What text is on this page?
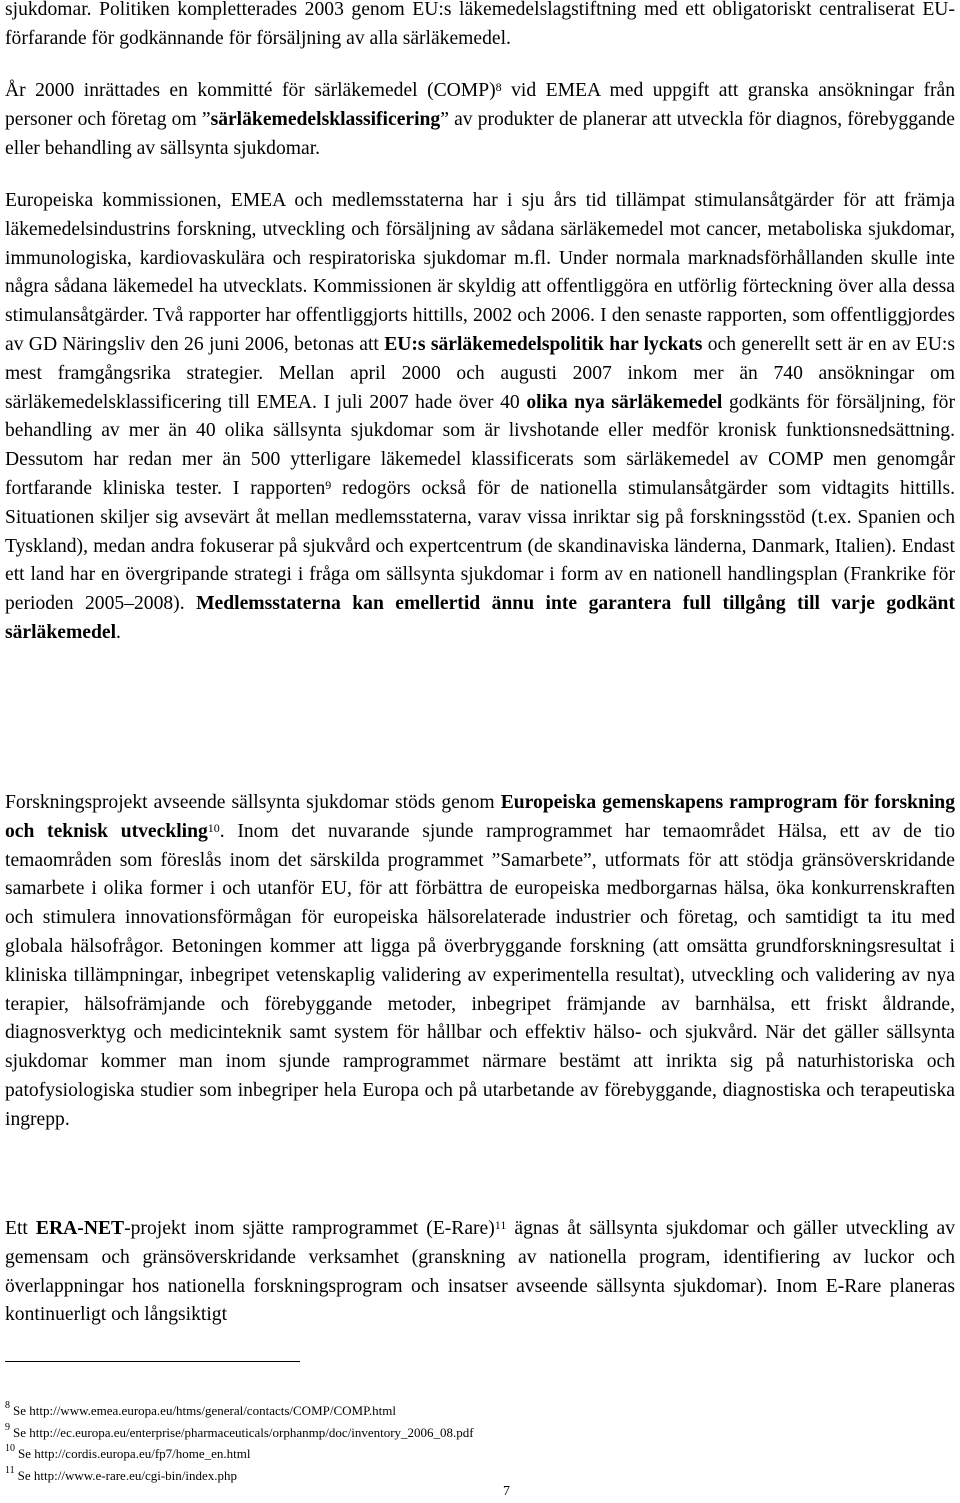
sjukdomar. Politiken kompletterades 2003 genom EU:s läkemedelslagstiftning med ett obligatoriskt centraliserat EU-förfarande för godkännande för försäljning av alla särläkemedel.

År 2000 inrättades en kommitté för särläkemedel (COMP)$^8$ vid EMEA med uppgift att granska ansökningar från personer och företag om ”särläkemedelsklassificering” av produkter de planerar att utveckla för diagnos, förebyggande eller behandling av sällsynta sjukdomar.

Europeiska kommissionen, EMEA och medlemsstaterna har i sju års tid tillämpat stimulansåtgärder för att främja läkemedelsindustrins forskning, utveckling och försäljning av sådana särläkemedel mot cancer, metaboliska sjukdomar, immunologiska, kardiovaskulära och respiratoriska sjukdomar m.fl. Under normala marknadsförhållanden skulle inte några sådana läkemedel ha utvecklats. Kommissionen är skyldig att offentliggöra en utförlig förteckning över alla dessa stimulansåtgärder. Två rapporter har offentliggjorts hittills, 2002 och 2006. I den senaste rapporten, som offentliggjordes av GD Näringsliv den 26 juni 2006, betonas att EU:s särläkemedelspolitik har lyckats och generellt sett är en av EU:s mest framgångsrika strategier. Mellan april 2000 och augusti 2007 inkom mer än 740 ansökningar om särläkemedelsklassificering till EMEA. I juli 2007 hade över 40 olika nya särläkemedel godkänts för försäljning, för behandling av mer än 40 olika sällsynta sjukdomar som är livshotande eller medför kronisk funktionsnedsättning. Dessutom har redan mer än 500 ytterligare läkemedel klassificerats som särläkemedel av COMP men genomgår fortfarande kliniska tester. I rapporten$^9$ redogörs också för de nationella stimulansåtgärder som vidtagits hittills. Situationen skiljer sig avsevärt åt mellan medlemsstaterna, varav vissa inriktar sig på forskningsstöd (t.ex. Spanien och Tyskland), medan andra fokuserar på sjukvård och expertcentrum (de skandinaviska länderna, Danmark, Italien). Endast ett land har en övergripande strategi i fråga om sällsynta sjukdomar i form av en nationell handlingsplan (Frankrike för perioden 2005–2008). Medlemsstaterna kan emellertid ännu inte garantera full tillgång till varje godkänt särläkemedel.

Forskningsprojekt avseende sällsynta sjukdomar stöds genom Europeiska gemenskapens ramprogram för forskning och teknisk utveckling$^{10}$. Inom det nuvarande sjunde ramprogrammet har temaområdet Hälsa, ett av de tio temaområden som föreslås inom det särskilda programmet ”Samarbete”, utformats för att stödja gränsöverskridande samarbete i olika former i och utanför EU, för att förbättra de europeiska medborgarnas hälsa, öka konkurrenskraften och stimulera innovationsförmågan för europeiska hälsorelaterade industrier och företag, och samtidigt ta itu med globala hälsofrågor. Betoningen kommer att ligga på överbryggande forskning (att omsätta grundforskningsresultat i kliniska tillämpningar, inbegripet vetenskaplig validering av experimentella resultat), utveckling och validering av nya terapier, hälsofrämjande och förebyggande metoder, inbegripet främjande av barnhälsa, ett friskt åldrande, diagnosverktyg och medicinteknik samt system för hållbar och effektiv hälso- och sjukvård. När det gäller sällsynta sjukdomar kommer man inom sjunde ramprogrammet närmare bestämt att inrikta sig på naturhistoriska och patofysiologiska studier som inbegriper hela Europa och på utarbetande av förebyggande, diagnostiska och terapeutiska ingrepp.

Ett ERA-NET-projekt inom sjätte ramprogrammet (E-Rare)$^{11}$ ägnas åt sällsynta sjukdomar och gäller utveckling av gemensam och gränsöverskridande verksamhet (granskning av nationella program, identifiering av luckor och överlappningar hos nationella forskningsprogram och insatser avseende sällsynta sjukdomar). Inom E-Rare planeras kontinuerligt och långsiktigt

$^8$ Se http://www.emea.europa.eu/htms/general/contacts/COMP/COMP.html
$^9$ Se http://ec.europa.eu/enterprise/pharmaceuticals/orphanmp/doc/inventory_2006_08.pdf
$^{10}$ Se http://cordis.europa.eu/fp7/home_en.html
$^{11}$ Se http://www.e-rare.eu/cgi-bin/index.php
7
